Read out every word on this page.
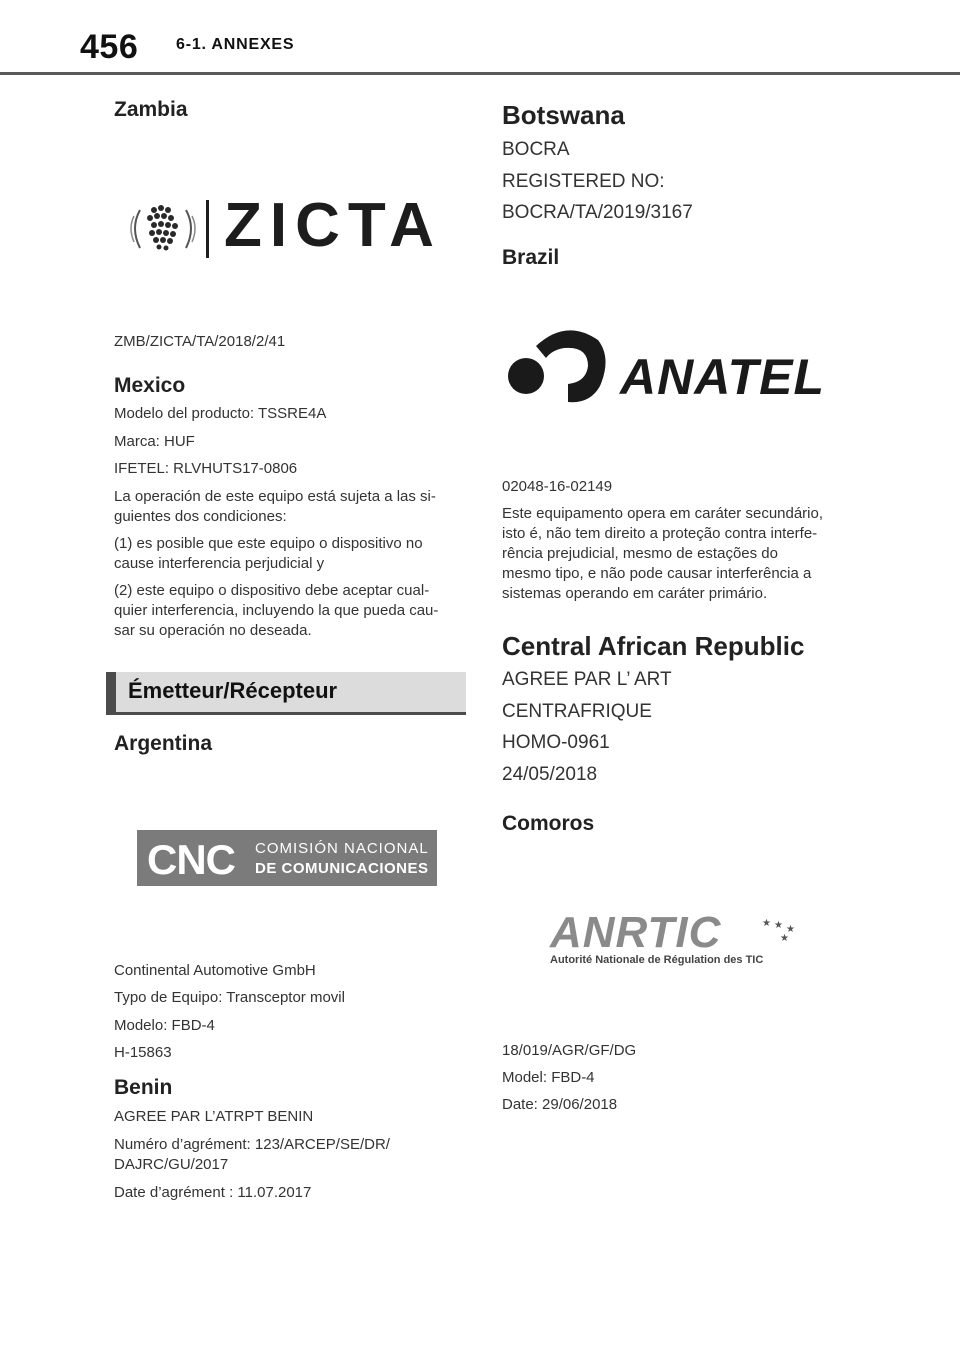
456 6-1. ANNEXES
Zambia
ZICTA
ZMB/ZICTA/TA/2018/2/41
Mexico
Modelo del producto: TSSRE4A
Marca: HUF
IFETEL: RLVHUTS17-0806
La operación de este equipo está sujeta a las si-
guientes dos condiciones:
(1) es posible que este equipo o dispositivo no
cause interferencia perjudicial y
(2) este equipo o dispositivo debe aceptar cual-
quier interferencia, incluyendo la que pueda cau-
sar su operación no deseada.
Émetteur/Récepteur
Argentina
CNC COMISIÓN NACIONAL
DE COMUNICACIONES
Continental Automotive GmbH
Typo de Equipo: Transceptor movil
Modelo: FBD-4
H-15863
Benin
AGREE PAR L’ATRPT BENIN
Numéro d’agrément: 123/ARCEP/SE/DR/
DAJRC/GU/2017
Date d’agrément : 11.07.2017
Botswana
BOCRA
REGISTERED NO:
BOCRA/TA/2019/3167
Brazil
ANATEL
02048-16-02149
Este equipamento opera em caráter secundário,
isto é, não tem direito a proteção contra interfe-
rência prejudicial, mesmo de estações do
mesmo tipo, e não pode causar interferência a
sistemas operando em caráter primário.
Central African Republic
AGREE PAR L’ ART
CENTRAFRIQUE
HOMO-0961
24/05/2018
Comoros
ANRTIC	★ ★ ★
★
Autorité Nationale de Régulation des TIC
18/019/AGR/GF/DG
Model: FBD-4
Date: 29/06/2018
